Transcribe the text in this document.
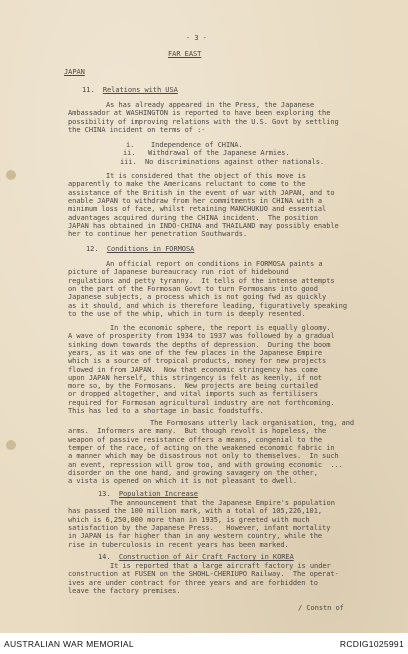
- 3 -
FAR EAST
JAPAN
11.  Relations with USA
As has already appeared in the Press, the Japanese
Ambassador at WASHINGTON is reported to have been exploring the
possibility of improving relations with the U.S. Govt by settling
the CHINA incident on terms of :-
i.    Independence of CHINA.
ii.   Withdrawal of the Japanese Armies.
iii.  No discriminations against other nationals.
It is considered that the object of this move is
apparently to make the Americans reluctant to come to the
assistance of the British in the event of war with JAPAN, and to
enable JAPAN to withdraw from her commitments in CHINA with a
minimum loss of face, whilst retaining MANCHUKUO and essential
advantages acquired during the CHINA incident.  The position
JAPAN has obtained in INDO-CHINA and THAILAND may possibly enable
her to continue her penetration Southwards.
12.  Conditions in FORMOSA
An official report on conditions in FORMOSA paints a
picture of Japanese bureaucracy run riot of hidebound
regulations and petty tyranny.  It tells of the intense attempts
on the part of the Formosan Govt to turn Formosans into good
Japanese subjects, a process which is not going fwd as quickly
as it should, and which is therefore leading, figuratively speaking
to the use of the whip, which in turn is deeply resented.
In the economic sphere, the report is equally gloomy.
A wave of prosperity from 1934 to 1937 was followed by a gradual
sinking down towards the depths of depression.  During the boom
years, as it was one of the few places in the Japanese Empire
which is a source of tropical products, money for new projects
flowed in from JAPAN.  Now that economic stringency has come
upon JAPAN herself, this stringency is felt as keenly, if not
more so, by the Formosans.  New projects are being curtailed
or dropped altogether, and vital imports such as fertilisers
required for Formosan agricultural industry are not forthcoming.
This has led to a shortage in basic foodstuffs.
The Formosans utterly lack organisation, tng, and
arms.  Informers are many.  But though revolt is hopeless, the
weapon of passive resistance offers a means, congenial to the
temper of the race, of acting on the weakened economic fabric in
a manner which may be disastrous not only to themselves.  In such
an event, repression will grow too, and with growing economic  ...
disorder on the one hand, and growing savagery on the other,
a vista is opened on which it is not pleasant to dwell.
13.  Population Increase
The announcement that the Japanese Empire's population
has passed the 100 million mark, with a total of 105,226,101,
which is 6,250,000 more than in 1935, is greeted with much
satisfaction by the Japanese Press.   However, infant mortality
in JAPAN is far higher than in any western country, while the
rise in tuberculosis in recent years has been marked.
14.  Construction of Air Craft Factory in KOREA
It is reported that a large aircraft factory is under
construction at FUSEN on the SHOHL-CHERIUPO Railway.  The operat-
ives are under contract for three years and are forbidden to
leave the factory premises.
/ Constn of
AUSTRALIAN WAR MEMORIAL	RCDIG1025991
